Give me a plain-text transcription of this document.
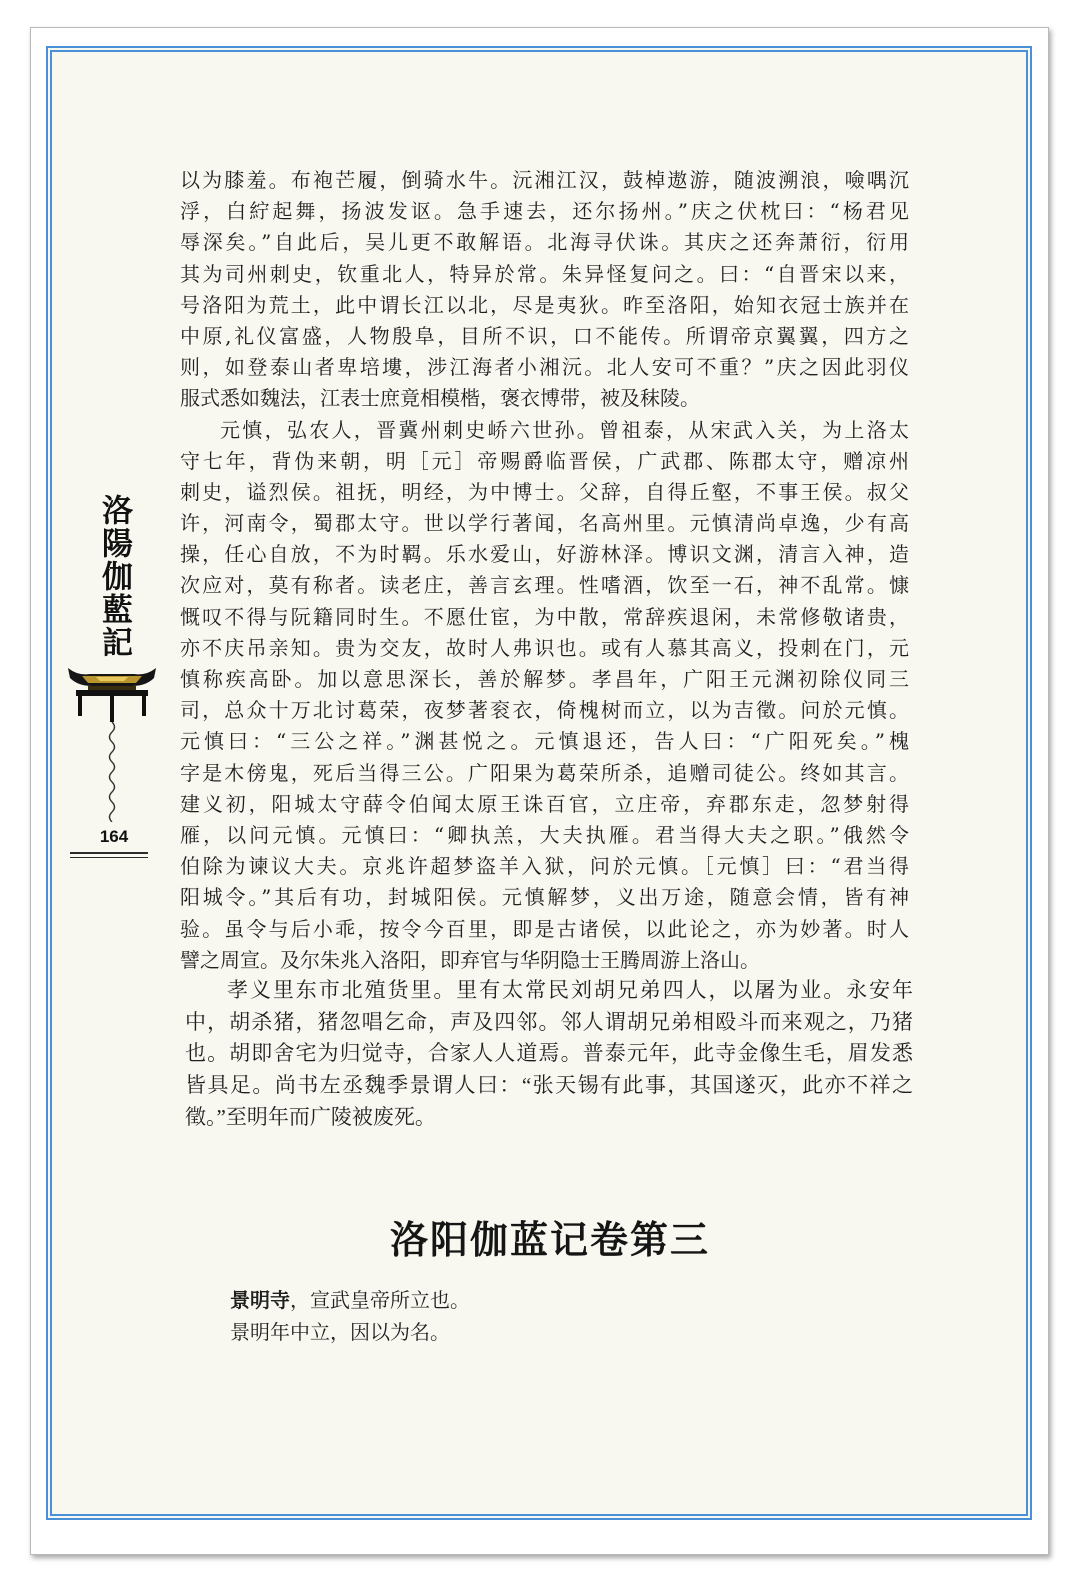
洛陽伽藍記
164
以为膝羞。布袍芒履，倒骑水牛。沅湘江汉，鼓棹遨游，随波溯浪，噞喁沉
浮，白紵起舞，扬波发讴。急手速去，还尔扬州。”庆之伏枕曰：“杨君见
辱深矣。”自此后，吴儿更不敢解语。北海寻伏诛。其庆之还奔萧衍，衍用
其为司州刺史，钦重北人，特异於常。朱异怪复问之。曰：“自晋宋以来，
号洛阳为荒土，此中谓长江以北，尽是夷狄。昨至洛阳，始知衣冠士族并在
中原,礼仪富盛，人物殷阜，目所不识，口不能传。所谓帝京翼翼，四方之
则，如登泰山者卑培塿，涉江海者小湘沅。北人安可不重？”庆之因此羽仪
服式悉如魏法，江表士庶竟相模楷，褒衣博带，被及秣陵。
元慎，弘农人，晋冀州刺史峤六世孙。曾祖泰，从宋武入关，为上洛太
守七年，背伪来朝，明［元］帝赐爵临晋侯，广武郡、陈郡太守，赠凉州
刺史，谥烈侯。祖抚，明经，为中博士。父辞，自得丘壑，不事王侯。叔父
许，河南令，蜀郡太守。世以学行著闻，名高州里。元慎清尚卓逸，少有高
操，任心自放，不为时羁。乐水爱山，好游林泽。博识文渊，清言入神，造
次应对，莫有称者。读老庄，善言玄理。性嗜酒，饮至一石，神不乱常。慷
慨叹不得与阮籍同时生。不愿仕宦，为中散，常辞疾退闲，未常修敬诸贵，
亦不庆吊亲知。贵为交友，故时人弗识也。或有人慕其高义，投刺在门，元
慎称疾高卧。加以意思深长，善於解梦。孝昌年，广阳王元渊初除仪同三
司，总众十万北讨葛荣，夜梦著衮衣，倚槐树而立，以为吉徵。问於元慎。
元慎曰：“三公之祥。”渊甚悦之。元慎退还，告人曰：“广阳死矣。”槐
字是木傍鬼，死后当得三公。广阳果为葛荣所杀，追赠司徒公。终如其言。
建义初，阳城太守薛令伯闻太原王诛百官，立庄帝，弃郡东走，忽梦射得
雁，以问元慎。元慎曰：“卿执羔，大夫执雁。君当得大夫之职。”俄然令
伯除为谏议大夫。京兆许超梦盗羊入狱，问於元慎。［元慎］曰：“君当得
阳城令。”其后有功，封城阳侯。元慎解梦，义出万途，随意会情，皆有神
验。虽令与后小乖，按令今百里，即是古诸侯，以此论之，亦为妙著。时人
譬之周宣。及尔朱兆入洛阳，即弃官与华阴隐士王腾周游上洛山。
孝义里东市北殖货里。里有太常民刘胡兄弟四人，以屠为业。永安年
中，胡杀猪，猪忽唱乞命，声及四邻。邻人谓胡兄弟相殴斗而来观之，乃猪
也。胡即舍宅为归觉寺，合家人人道焉。普泰元年，此寺金像生毛，眉发悉
皆具足。尚书左丞魏季景谓人曰：“张天锡有此事，其国遂灭，此亦不祥之
徵。”至明年而广陵被废死。
洛阳伽蓝记卷第三
景明寺，宣武皇帝所立也。
景明年中立，因以为名。
